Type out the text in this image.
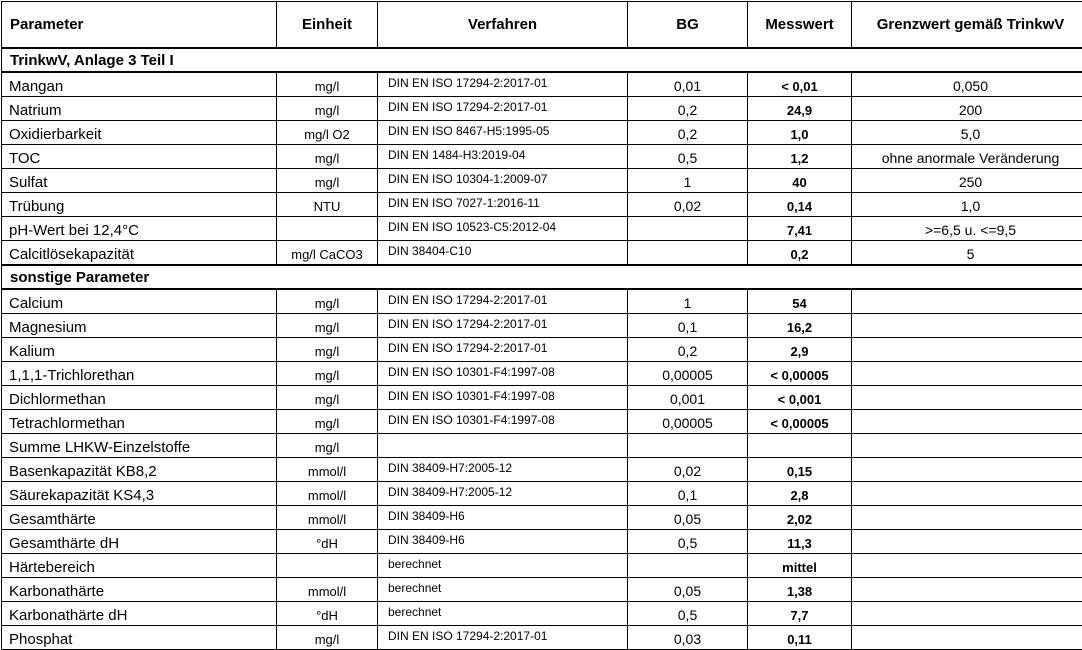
Parameter	Einheit	Verfahren	BG	Messwert	Grenzwert gemäß TrinkwV
TrinkwV, Anlage 3 Teil I					
Mangan	mg/l	DIN EN ISO 17294-2:2017-01	0,01	< 0,01	0,050
Natrium	mg/l	DIN EN ISO 17294-2:2017-01	0,2	24,9	200
Oxidierbarkeit	mg/l O2	DIN EN ISO 8467-H5:1995-05	0,2	1,0	5,0
TOC	mg/l	DIN EN 1484-H3:2019-04	0,5	1,2	ohne anormale Veränderung
Sulfat	mg/l	DIN EN ISO 10304-1:2009-07	1	40	250
Trübung	NTU	DIN EN ISO 7027-1:2016-11	0,02	0,14	1,0
pH-Wert bei 12,4°C		DIN EN ISO 10523-C5:2012-04		7,41	>=6,5 u. <=9,5
Calcitlösekapazität	mg/l CaCO3	DIN 38404-C10		0,2	5
sonstige Parameter					
Calcium	mg/l	DIN EN ISO 17294-2:2017-01	1	54	
Magnesium	mg/l	DIN EN ISO 17294-2:2017-01	0,1	16,2	
Kalium	mg/l	DIN EN ISO 17294-2:2017-01	0,2	2,9	
1,1,1-Trichlorethan	mg/l	DIN EN ISO 10301-F4:1997-08	0,00005	< 0,00005	
Dichlormethan	mg/l	DIN EN ISO 10301-F4:1997-08	0,001	< 0,001	
Tetrachlormethan	mg/l	DIN EN ISO 10301-F4:1997-08	0,00005	< 0,00005	
Summe LHKW-Einzelstoffe	mg/l				
Basenkapazität KB8,2	mmol/l	DIN 38409-H7:2005-12	0,02	0,15	
Säurekapazität KS4,3	mmol/l	DIN 38409-H7:2005-12	0,1	2,8	
Gesamthärte	mmol/l	DIN 38409-H6	0,05	2,02	
Gesamthärte dH	°dH	DIN 38409-H6	0,5	11,3	
Härtebereich		berechnet		mittel	
Karbonathärte	mmol/l	berechnet	0,05	1,38	
Karbonathärte dH	°dH	berechnet	0,5	7,7	
Phosphat	mg/l	DIN EN ISO 17294-2:2017-01	0,03	0,11	
